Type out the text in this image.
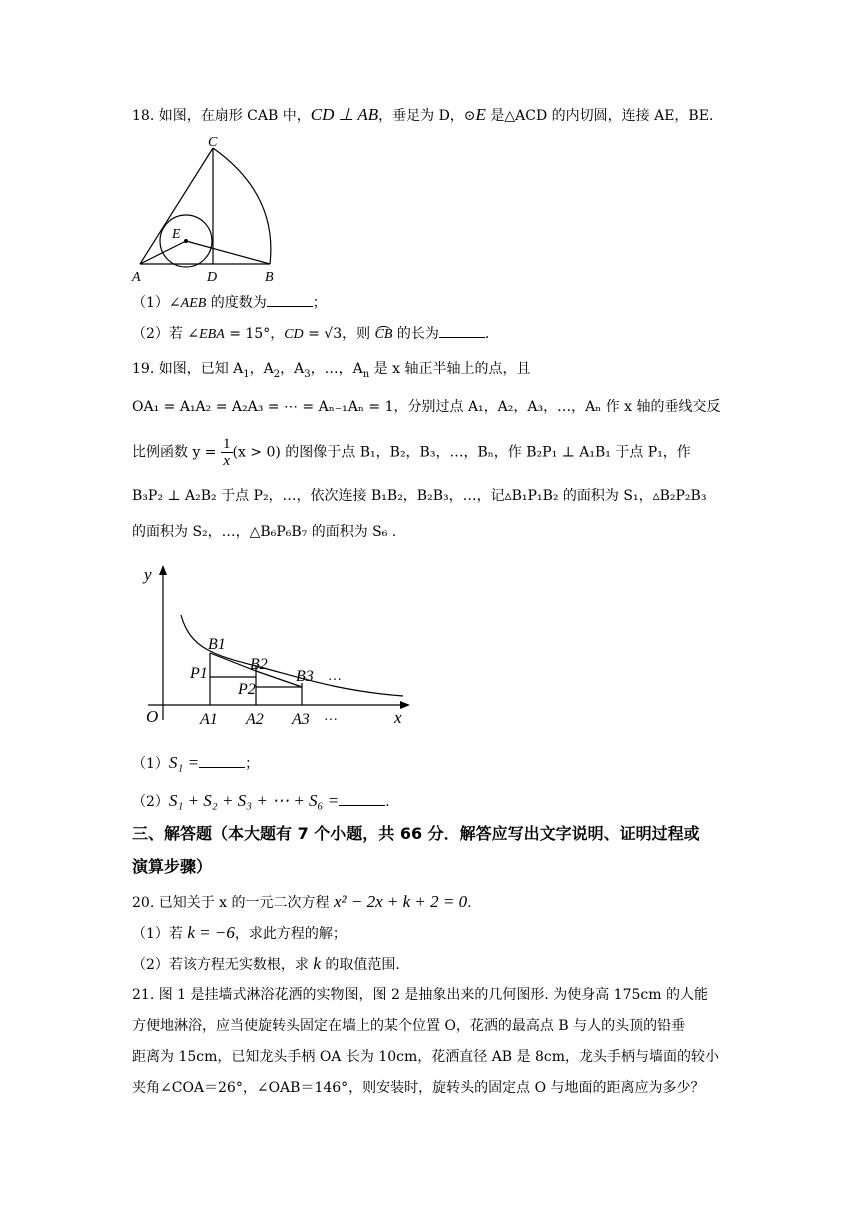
18. 如图，在扇形 CAB 中，CD ⊥ AB，垂足为 D，⊙E 是△ACD 的内切圆，连接 AE，BE.
C
E
A	D	B
（1）∠AEB 的度数为	；
（2）若 ∠EBA = 15°，CD = √3，则 CB 的长为	.
19. 如图，已知 $A_1$，$A_2$，$A_3$，…，$A_n$ 是 x 轴正半轴上的点，且
OA₁ = A₁A₂ = A₂A₃ = ⋯ = Aₙ₋₁Aₙ = 1，分别过点 A₁，A₂，A₃，…，Aₙ 作 x 轴的垂线交反
比例函数 $y = \frac{1}{x} (x > 0)$ 的图像于点 B₁，B₂，B₃，…，Bₙ，作 B₂P₁ ⊥ A₁B₁ 于点 P₁，作
B₃P₂ ⊥ A₂B₂ 于点 P₂，…，依次连接 B₁B₂，B₂B₃，…，记▵B₁P₁B₂ 的面积为 S₁，▵B₂P₂B₃
的面积为 S₂，…，△B₆P₆B₇ 的面积为 S₆ .
y
x
O	A1 A2 A3
B1
B2
B3
P1
P2
…
…
（1）S₁ =	；
（2）S₁ + S₂ + S₃ + ⋯ + S₆ =	.
三、解答题（本大题有 7 个小题，共 66 分．解答应写出文字说明、证明过程或
演算步骤）
20. 已知关于 x 的一元二次方程 x² − 2x + k + 2 = 0.
（1）若 k = −6，求此方程的解；
（2）若该方程无实数根，求 k 的取值范围.
21. 图 1 是挂墙式淋浴花洒的实物图，图 2 是抽象出来的几何图形. 为使身高 175cm 的人能
方便地淋浴，应当使旋转头固定在墙上的某个位置 O，花洒的最高点 B 与人的头顶的铅垂
距离为 15cm，已知龙头手柄 OA 长为 10cm，花洒直径 AB 是 8cm，龙头手柄与墙面的较小
夹角∠COA＝26°，∠OAB＝146°，则安装时，旋转头的固定点 O 与地面的距离应为多少？
